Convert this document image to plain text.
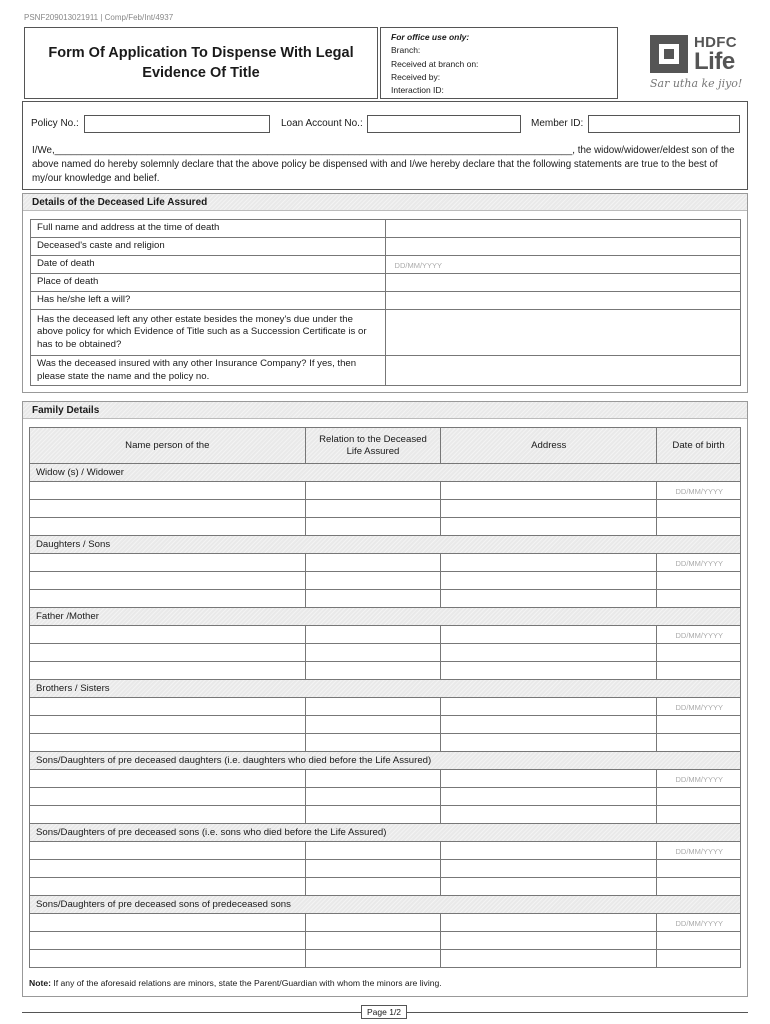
PSNF209013021911 | Comp/Feb/Int/4937
Form Of Application To Dispense With Legal Evidence Of Title
For office use only:
Branch:
Received at branch on:
Received by:
Interaction ID:
HDFC
Life
Sar utha ke jiyo!
Policy No.:	Loan Account No.:	Member ID:
I/We,_______________________________________________________________________________________________, the widow/widower/eldest son of the above named do hereby solemnly declare that the above policy be dispensed with and I/we hereby declare that the following statements are true to the best of my/our knowledge and belief.
Details of the Deceased Life Assured
Full name and address at the time of death	
Deceased's caste and religion	
Date of death	DD/MM/YYYY

Place of death	
Has he/she left a will?	
Has the deceased left any other estate besides the money's due under the above policy for which Evidence of Title such as a Succession Certificate is or has to be obtained?	
Was the deceased insured with any other Insurance Company? If yes, then please state the name and the policy no.	
Family Details
Name person of the	Relation to the Deceased Life Assured	Address	Date of birth
Widow (s) / Widower			

			DD/MM/YYYY

Daughters / Sons			

			DD/MM/YYYY

Father /Mother			

			DD/MM/YYYY

Brothers / Sisters			

			DD/MM/YYYY

Sons/Daughters of pre deceased daughters (i.e. daughters who died before the Life Assured)			

			DD/MM/YYYY

Sons/Daughters of pre deceased sons (i.e. sons who died before the Life Assured)			

			DD/MM/YYYY

Sons/Daughters of pre deceased sons of predeceased sons			

			DD/MM/YYYY

Note: If any of the aforesaid relations are minors, state the Parent/Guardian with whom the minors are living.
Page 1/2
